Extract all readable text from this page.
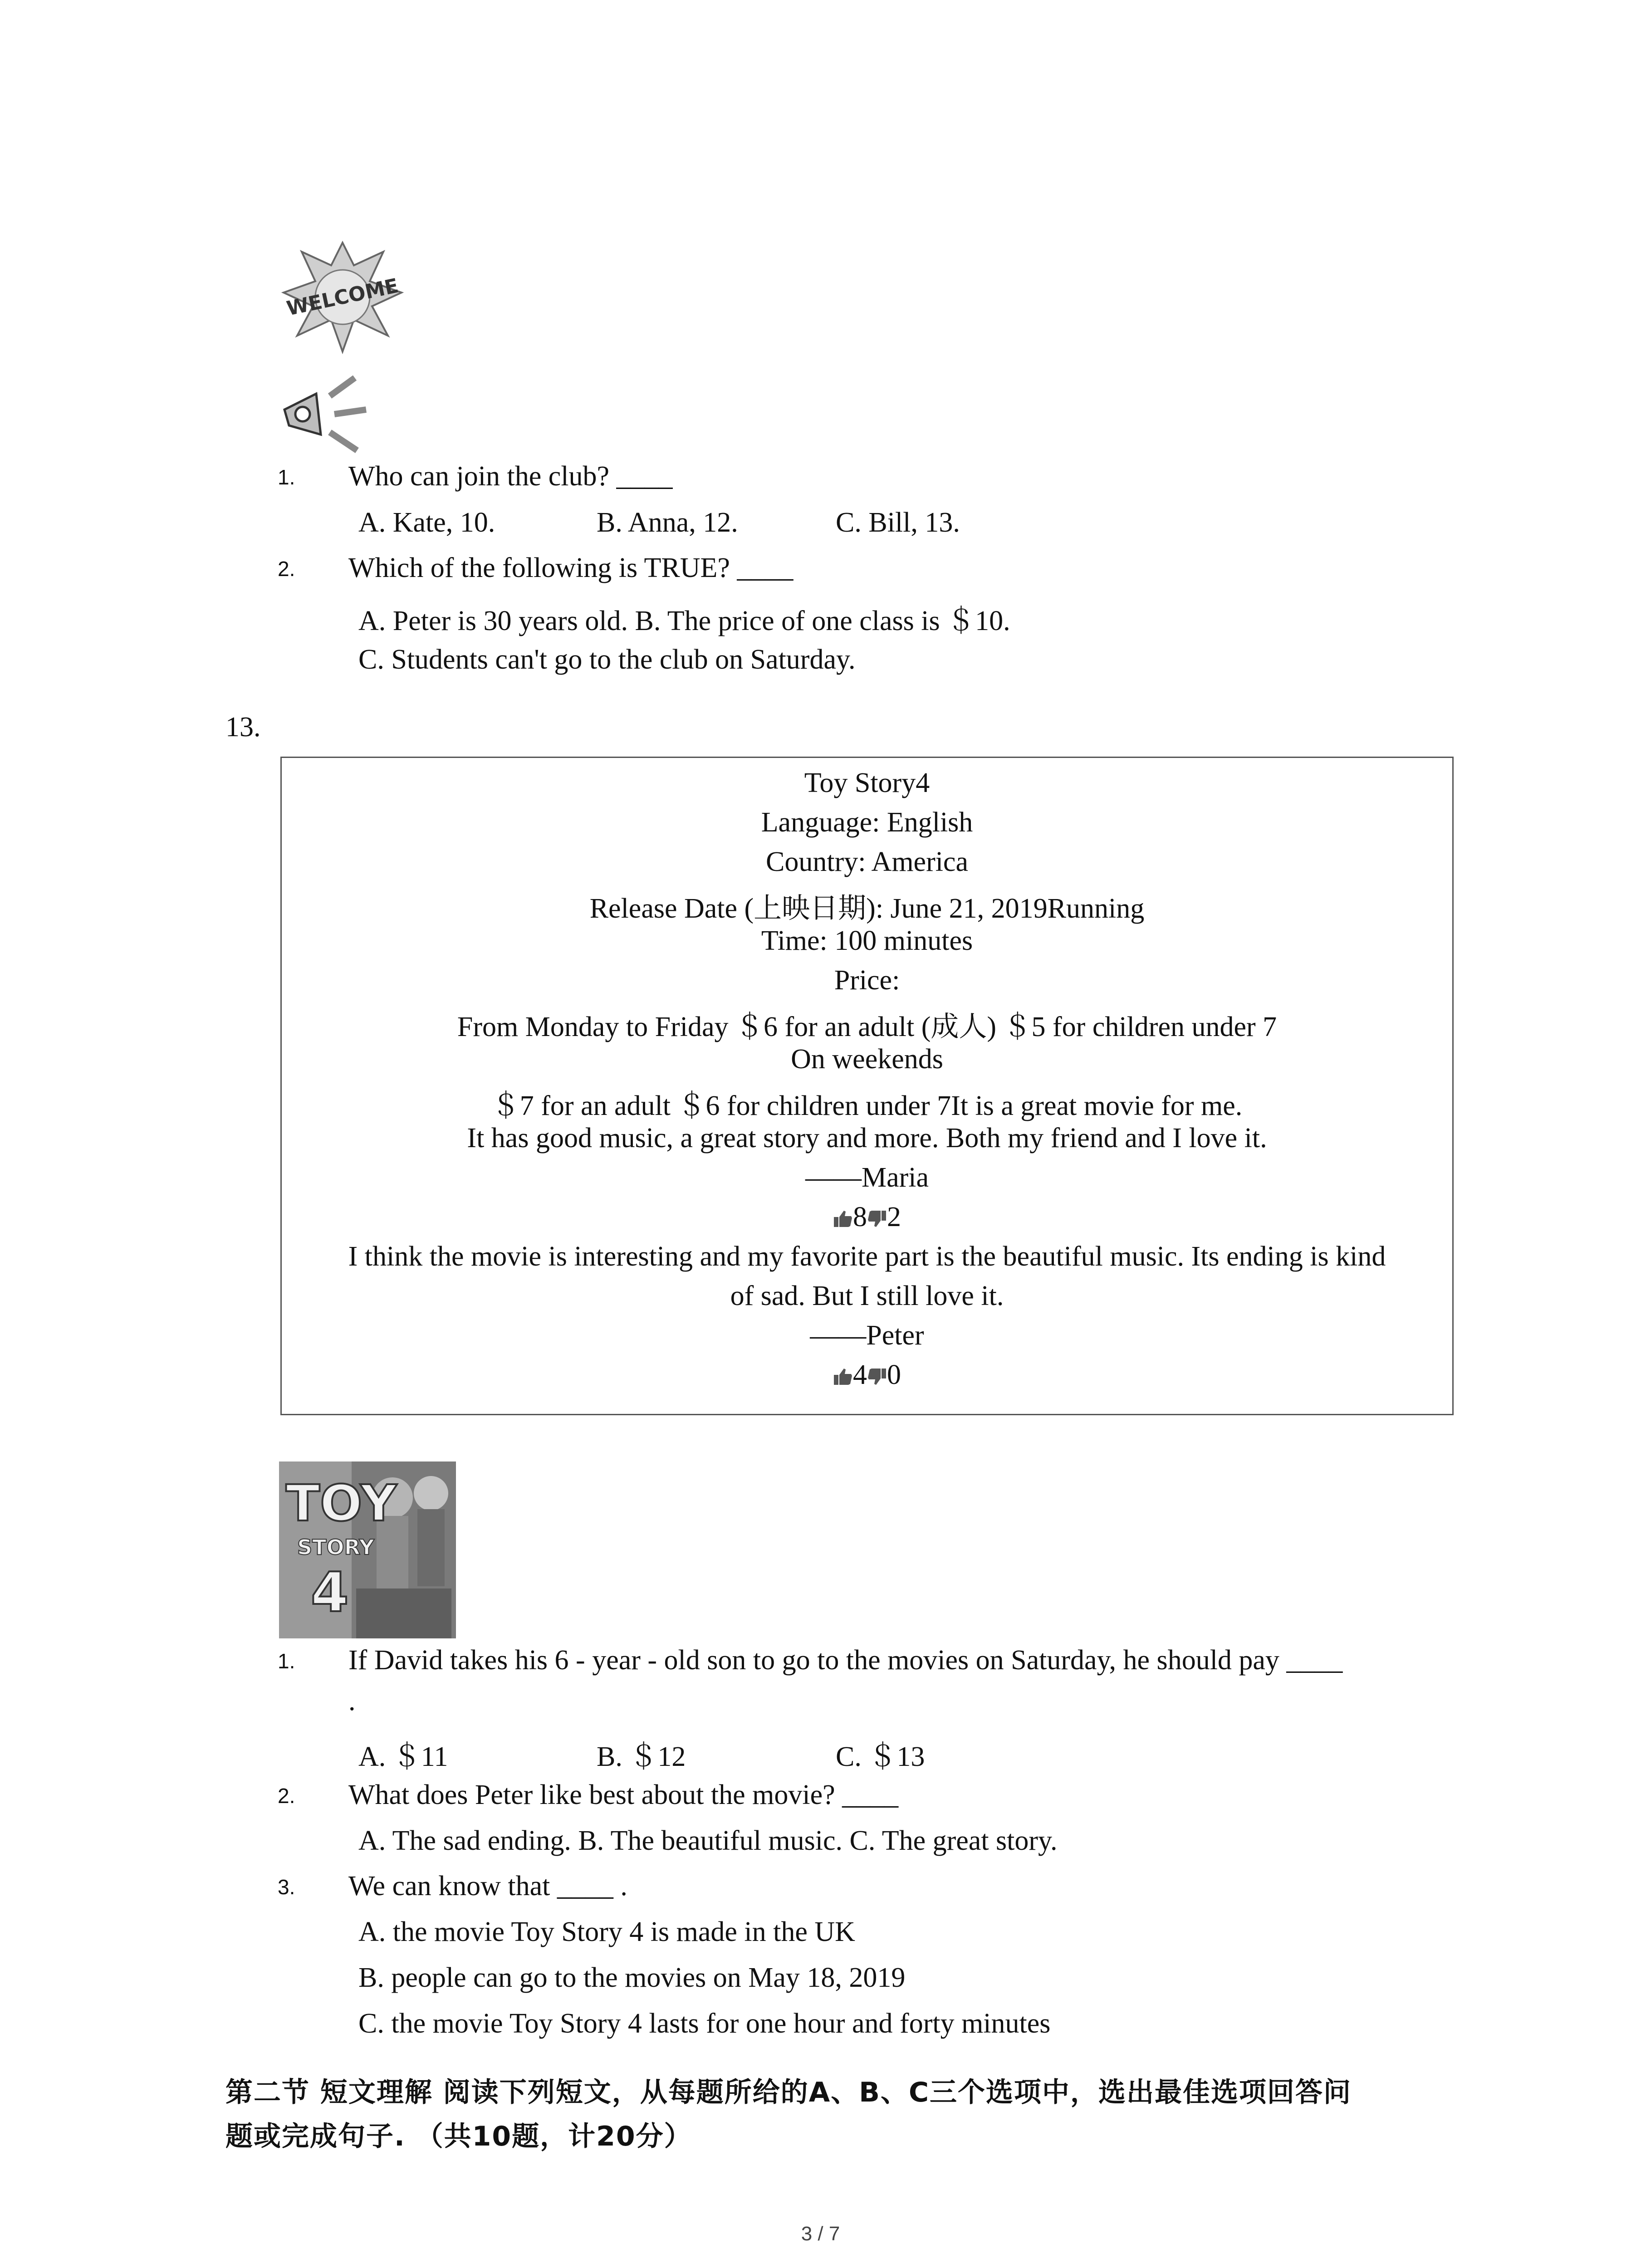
WELCOME
1. Who can join the club? ____
A. Kate, 10.	B. Anna, 12.	C. Bill, 13.
2. Which of the following is TRUE? ____
A. Peter is 30 years old. B. The price of one class is ＄10.
C. Students can't go to the club on Saturday.
13.
Toy Story4
Language: English
Country: America
Release Date (上映日期): June 21, 2019Running
Time: 100 minutes
Price:
From Monday to Friday ＄6 for an adult (成人) ＄5 for children under 7
On weekends
＄7 for an adult ＄6 for children under 7It is a great movie for me.
It has good music, a great story and more. Both my friend and I love it.
——Maria
8 2
I think the movie is interesting and my favorite part is the beautiful music. Its ending is kind
of sad. But I still love it.
——Peter
4 0
TOY
STORY
4
1. If David takes his 6 - year - old son to go to the movies on Saturday, he should pay ____
.
A. ＄11	B. ＄12	C. ＄13
2. What does Peter like best about the movie? ____
A. The sad ending. B. The beautiful music. C. The great story.
3. We can know that ____ .
A. the movie Toy Story 4 is made in the UK
B. people can go to the movies on May 18, 2019
C. the movie Toy Story 4 lasts for one hour and forty minutes
第二节 短文理解 阅读下列短文，从每题所给的A、B、C三个选项中，选出最佳选项回答问
题或完成句子. （共10题，计20分）
3 / 7
